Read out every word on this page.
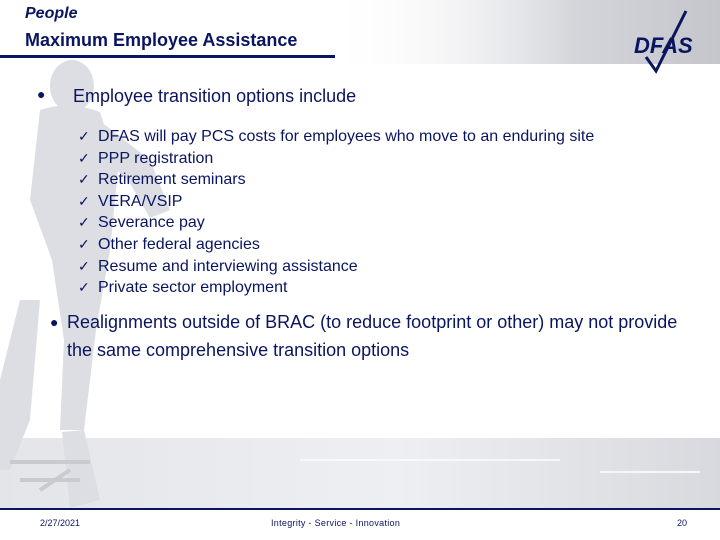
People
Maximum Employee Assistance	DFAS
● Employee transition options include
✓ DFAS will pay PCS costs for employees who move to an enduring site
✓ PPP registration
✓ Retirement seminars
✓ VERA/VSIP
✓ Severance pay
✓ Other federal agencies
✓ Resume and interviewing assistance
✓ Private sector employment
● Realignments outside of BRAC (to reduce footprint or other) may not provide the same comprehensive transition options
2/27/2021	Integrity - Service - Innovation	20
